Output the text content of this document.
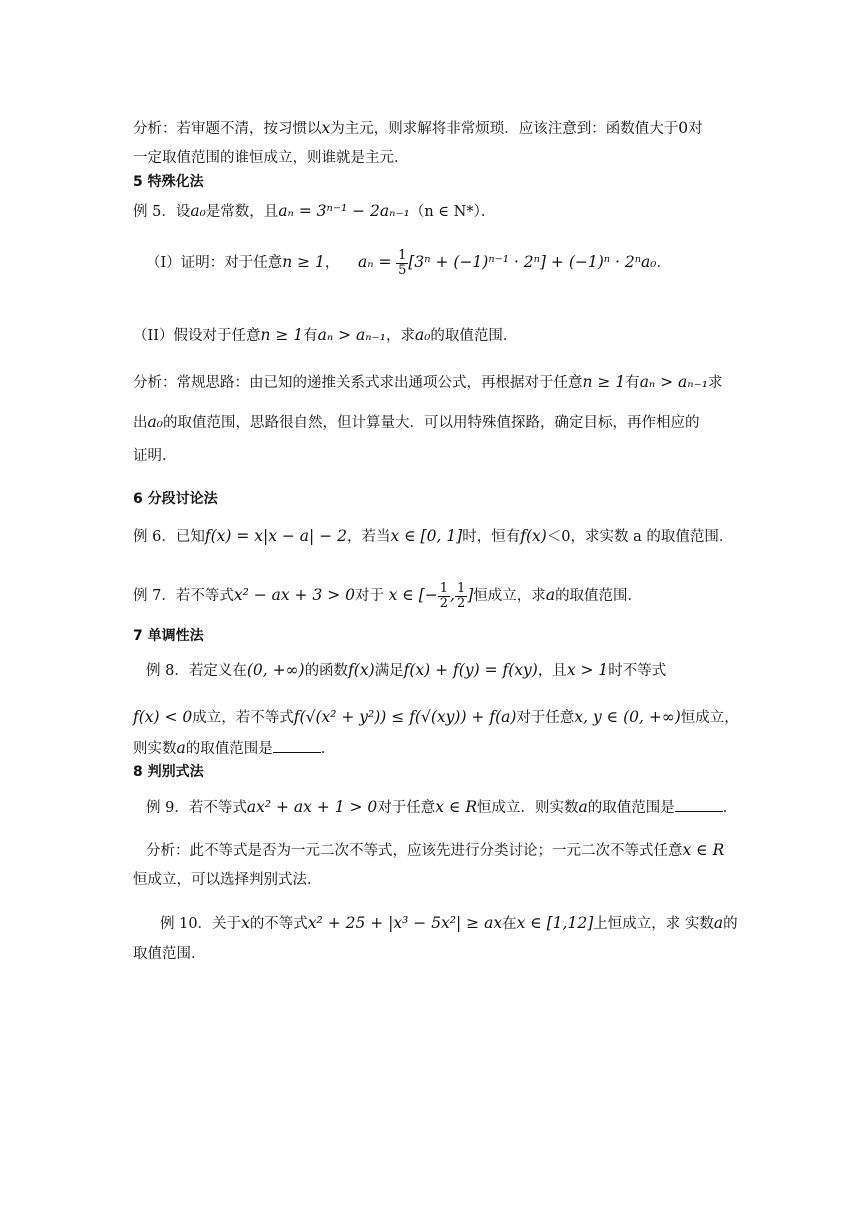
分析：若审题不清，按习惯以x为主元，则求解将非常烦琐．应该注意到：函数值大于0对
一定取值范围的谁恒成立，则谁就是主元．
5 特殊化法
例 5．设a₀是常数，且aₙ = 3ⁿ⁻¹ − 2aₙ₋₁（n ∈ N*）．
（I）证明：对于任意n ≥ 1， $a_n = \frac{1}{5} [3^n + (-1)^{n-1} \cdot 2^n] + (-1)^n \cdot 2^na_0$．
（II）假设对于任意n ≥ 1有aₙ > aₙ₋₁，求a₀的取值范围．
分析：常规思路：由已知的递推关系式求出通项公式，再根据对于任意n ≥ 1有aₙ > aₙ₋₁求
出a₀的取值范围，思路很自然，但计算量大．可以用特殊值探路，确定目标，再作相应的
证明．
6 分段讨论法
例 6．已知f(x) = x|x − a| − 2，若当x ∈ [0, 1]时，恒有f(x)＜0，求实数 a 的取值范围．
例 7．若不等式x² − ax + 3 > 0对于 x ∈ [− $\frac{1}{2}$ , $\frac{1}{2}$ ]恒成立，求a的取值范围．
7 单调性法
例 8．若定义在(0, +∞)的函数f(x)满足f(x) + f(y) = f(xy)，且x > 1时不等式
f(x) < 0成立，若不等式f(√(x² + y²)) ≤ f(√(xy)) + f(a)对于任意x, y ∈ (0, +∞)恒成立，
则实数a的取值范围是	．
8 判别式法
例 9．若不等式ax² + ax + 1 > 0对于任意x ∈ R恒成立．则实数a的取值范围是	．
分析：此不等式是否为一元二次不等式，应该先进行分类讨论；一元二次不等式任意x ∈ R
恒成立，可以选择判别式法．
例 10．关于x的不等式x² + 25 + |x³ − 5x²| ≥ ax在x ∈ [1,12]上恒成立，求 实数a的
取值范围．
